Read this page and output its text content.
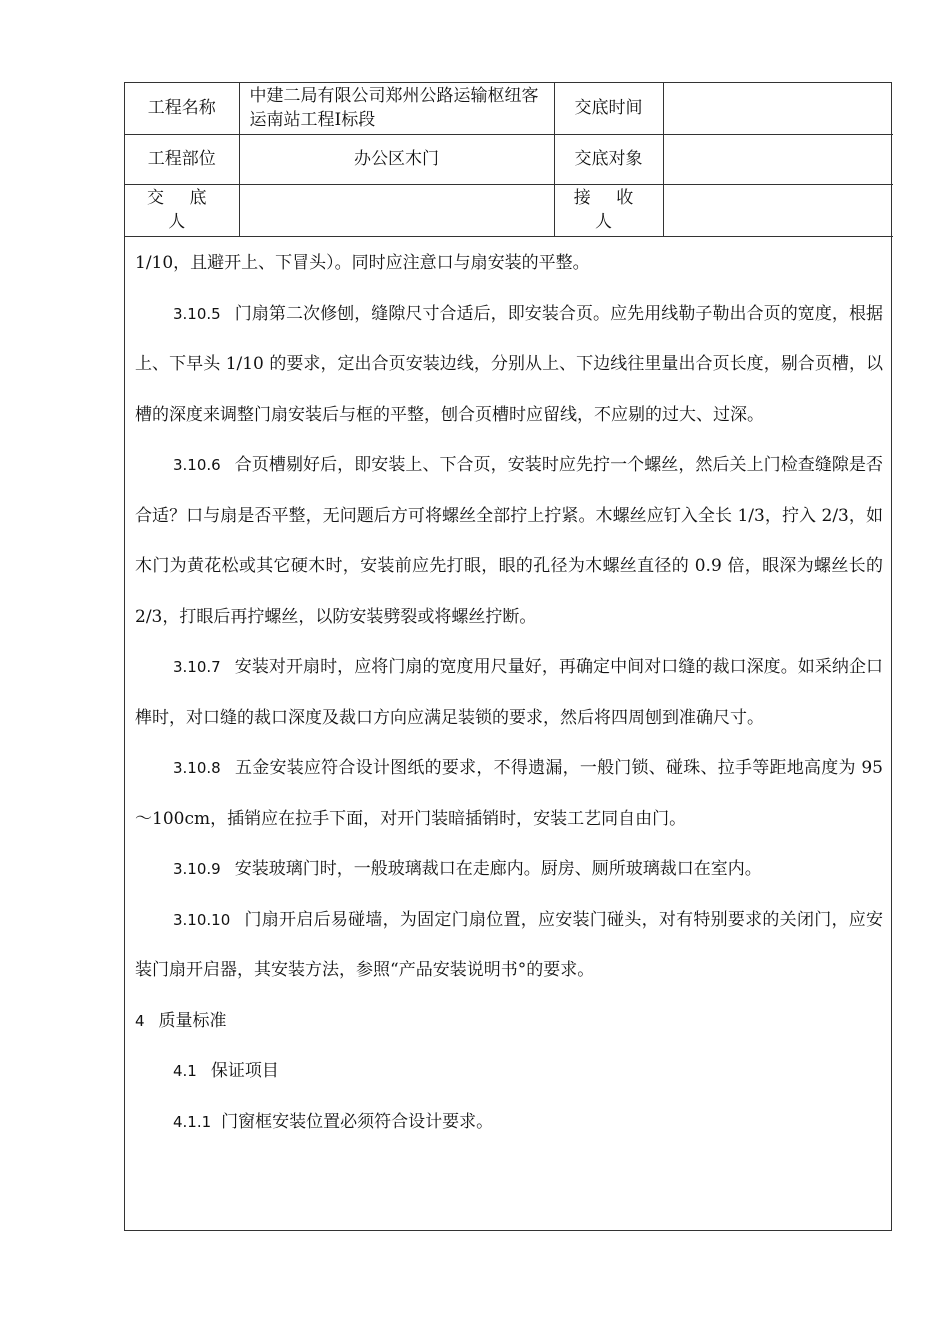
工程名称	中建二局有限公司郑州公路运输枢纽客运南站工程Ⅰ标段	交底时间	
工程部位	办公区木门	交底对象	
交 底 人		接 收 人	

1/10，且避开上、下冒头）。同时应注意口与扇安装的平整。

3.10.5 门扇第二次修刨，缝隙尺寸合适后，即安装合页。应先用线勒子勒出合页的宽度，根据上、下早头 1/10 的要求，定出合页安装边线，分别从上、下边线往里量出合页长度，剔合页槽，以槽的深度来调整门扇安装后与框的平整，刨合页槽时应留线，不应剔的过大、过深。

3.10.6 合页槽剔好后，即安装上、下合页，安装时应先拧一个螺丝，然后关上门检查缝隙是否合适？口与扇是否平整，无问题后方可将螺丝全部拧上拧紧。木螺丝应钉入全长 1/3，拧入 2/3，如木门为黄花松或其它硬木时，安装前应先打眼，眼的孔径为木螺丝直径的 0.9 倍，眼深为螺丝长的 2/3，打眼后再拧螺丝，以防安装劈裂或将螺丝拧断。

3.10.7 安装对开扇时，应将门扇的宽度用尺量好，再确定中间对口缝的裁口深度。如采纳企口榫时，对口缝的裁口深度及裁口方向应满足装锁的要求，然后将四周刨到准确尺寸。

3.10.8 五金安装应符合设计图纸的要求，不得遗漏，一般门锁、碰珠、拉手等距地高度为 95～100cm，插销应在拉手下面，对开门装暗插销时，安装工艺同自由门。

3.10.9 安装玻璃门时，一般玻璃裁口在走廊内。厨房、厕所玻璃裁口在室内。

3.10.10 门扇开启后易碰墙，为固定门扇位置，应安装门碰头，对有特别要求的关闭门，应安装门扇开启器，其安装方法，参照“产品安装说明书°的要求。

4 质量标准

4.1 保证项目

4.1.1 门窗框安装位置必须符合设计要求。
